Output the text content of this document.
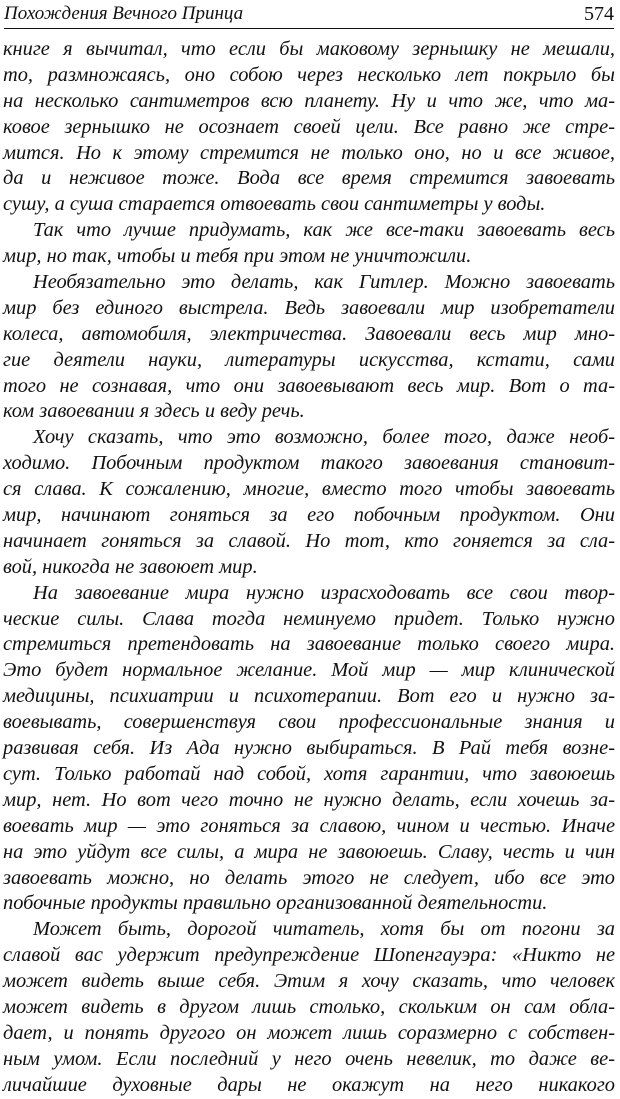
Похождения Вечного Принца	574
книге я вычитал, что если бы маковому зернышку не мешали,
то, размножаясь, оно собою через несколько лет покрыло бы
на несколько сантиметров всю планету. Ну и что же, что ма-
ковое зернышко не осознает своей цели. Все равно же стре-
мится. Но к этому стремится не только оно, но и все живое,
да и неживое тоже. Вода все время стремится завоевать
сушу, а суша старается отвоевать свои сантиметры у воды.
Так что лучше придумать, как же все-таки завоевать весь
мир, но так, чтобы и тебя при этом не уничтожили.
Необязательно это делать, как Гитлер. Можно завоевать
мир без единого выстрела. Ведь завоевали мир изобретатели
колеса, автомобиля, электричества. Завоевали весь мир мно-
гие деятели науки, литературы искусства, кстати, сами
того не сознавая, что они завоевывают весь мир. Вот о та-
ком завоевании я здесь и веду речь.
Хочу сказать, что это возможно, более того, даже необ-
ходимо. Побочным продуктом такого завоевания становит-
ся слава. К сожалению, многие, вместо того чтобы завоевать
мир, начинают гоняться за его побочным продуктом. Они
начинает гоняться за славой. Но тот, кто гоняется за сла-
вой, никогда не завоюет мир.
На завоевание мира нужно израсходовать все свои твор-
ческие силы. Слава тогда неминуемо придет. Только нужно
стремиться претендовать на завоевание только своего мира.
Это будет нормальное желание. Мой мир — мир клинической
медицины, психиатрии и психотерапии. Вот его и нужно за-
воевывать, совершенствуя свои профессиональные знания и
развивая себя. Из Ада нужно выбираться. В Рай тебя возне-
сут. Только работай над собой, хотя гарантии, что завоюешь
мир, нет. Но вот чего точно не нужно делать, если хочешь за-
воевать мир — это гоняться за славою, чином и честью. Иначе
на это уйдут все силы, а мира не завоюешь. Славу, честь и чин
завоевать можно, но делать этого не следует, ибо все это
побочные продукты правильно организованной деятельности.
Может быть, дорогой читатель, хотя бы от погони за
славой вас удержит предупреждение Шопенгауэра: «Никто не
может видеть выше себя. Этим я хочу сказать, что человек
может видеть в другом лишь столько, скольким он сам обла-
дает, и понять другого он может лишь соразмерно с собствен-
ным умом. Если последний у него очень невелик, то даже ве-
личайшие духовные дары не окажут на него никакого
